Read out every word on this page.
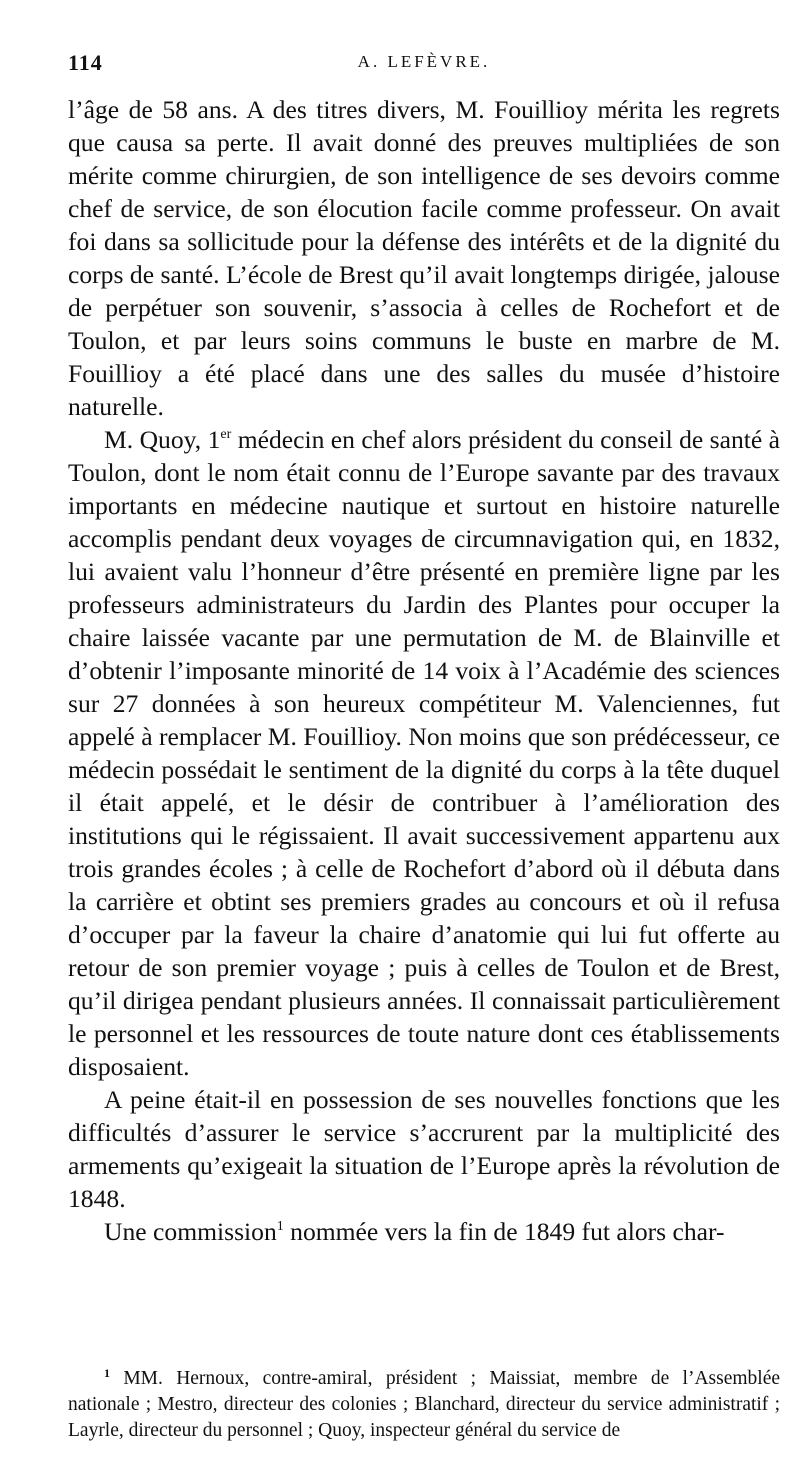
114	A. LEFÈVRE.

l’âge de 58 ans. A des titres divers, M. Fouillioy mérita les regrets que causa sa perte. Il avait donné des preuves multipliées de son mérite comme chirurgien, de son intelligence de ses devoirs comme chef de service, de son élocution facile comme professeur. On avait foi dans sa sollicitude pour la défense des intérêts et de la dignité du corps de santé. L’école de Brest qu’il avait longtemps dirigée, jalouse de perpétuer son souvenir, s’associa à celles de Rochefort et de Toulon, et par leurs soins communs le buste en marbre de M. Fouillioy a été placé dans une des salles du musée d’histoire naturelle.

M. Quoy, 1er médecin en chef alors président du conseil de santé à Toulon, dont le nom était connu de l’Europe savante par des travaux importants en médecine nautique et surtout en histoire naturelle accomplis pendant deux voyages de circumnavigation qui, en 1832, lui avaient valu l’honneur d’être présenté en première ligne par les professeurs administrateurs du Jardin des Plantes pour occuper la chaire laissée vacante par une permutation de M. de Blainville et d’obtenir l’imposante minorité de 14 voix à l’Académie des sciences sur 27 données à son heureux compétiteur M. Valenciennes, fut appelé à remplacer M. Fouillioy. Non moins que son prédécesseur, ce médecin possédait le sentiment de la dignité du corps à la tête duquel il était appelé, et le désir de contribuer à l’amélioration des institutions qui le régissaient. Il avait successivement appartenu aux trois grandes écoles ; à celle de Rochefort d’abord où il débuta dans la carrière et obtint ses premiers grades au concours et où il refusa d’occuper par la faveur la chaire d’anatomie qui lui fut offerte au retour de son premier voyage ; puis à celles de Toulon et de Brest, qu’il dirigea pendant plusieurs années. Il connaissait particulièrement le personnel et les ressources de toute nature dont ces établissements disposaient.

A peine était-il en possession de ses nouvelles fonctions que les difficultés d’assurer le service s’accrurent par la multiplicité des armements qu’exigeait la situation de l’Europe après la révolution de 1848.

Une commission$^1$ nommée vers la fin de 1849 fut alors char-

$^1$ MM. Hernoux, contre-amiral, président ; Maissiat, membre de l’Assemblée nationale ; Mestro, directeur des colonies ; Blanchard, directeur du service administratif ; Layrle, directeur du personnel ; Quoy, inspecteur général du service de
